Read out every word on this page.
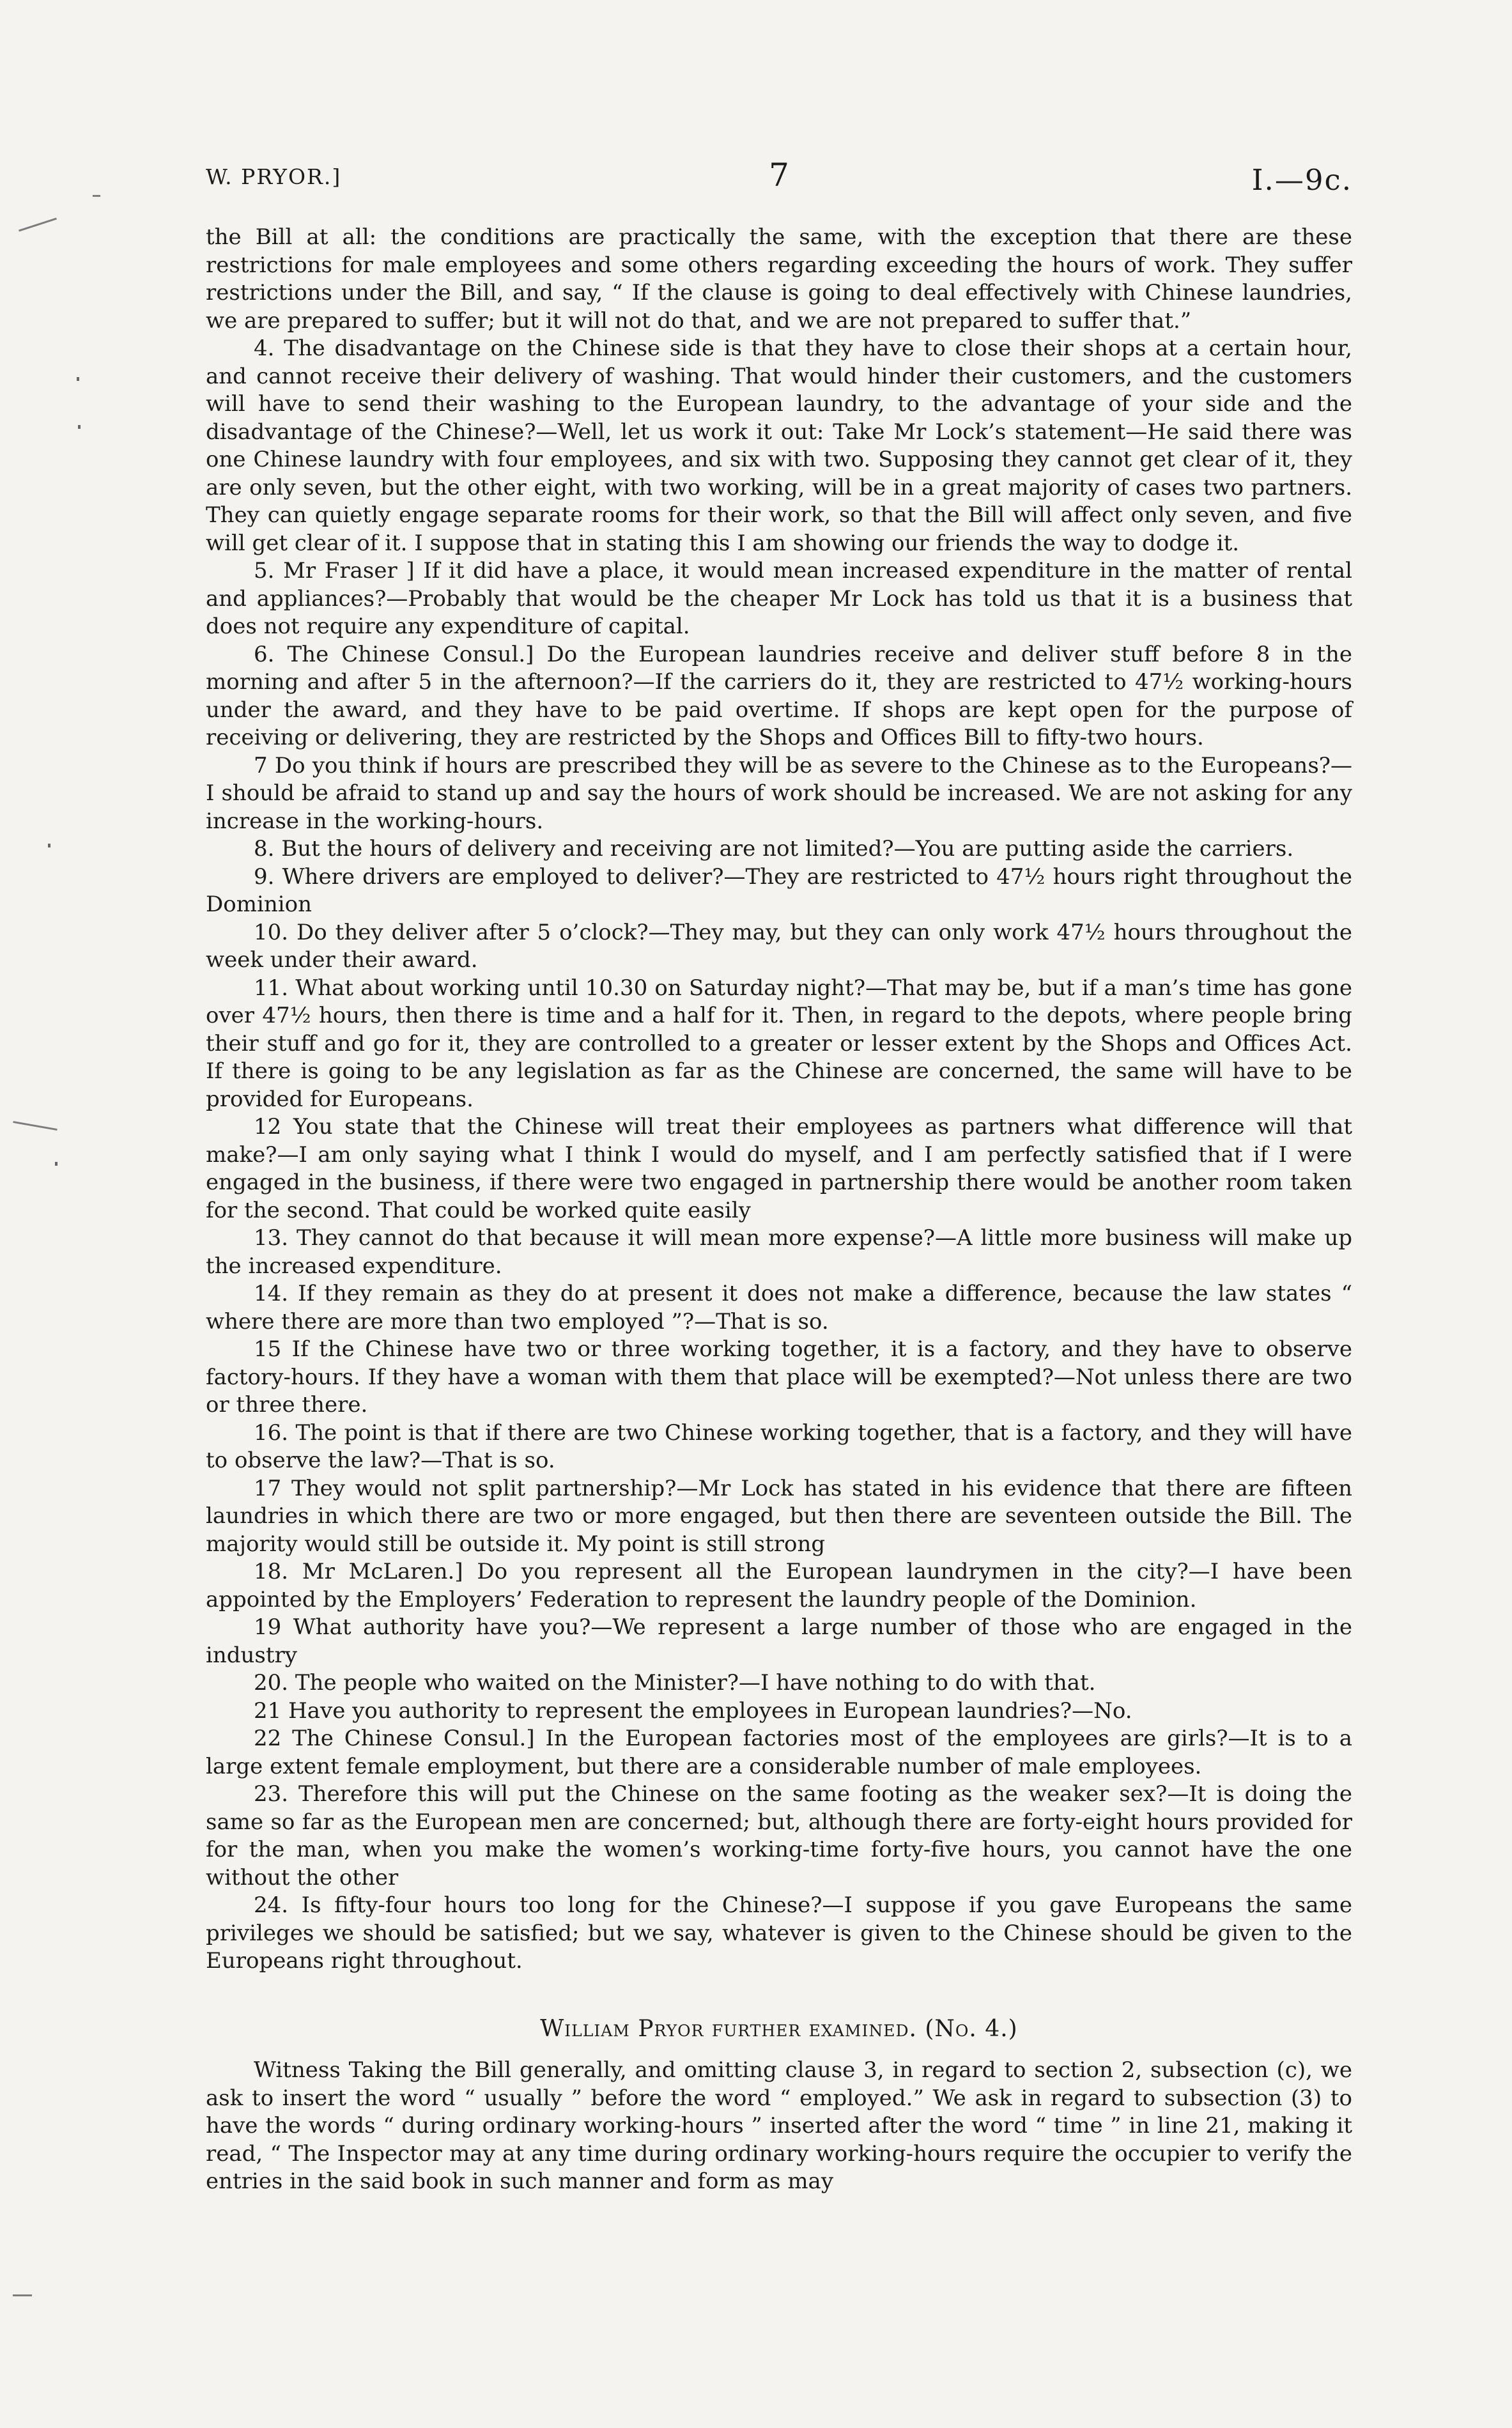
W. PRYOR.]	7	I.—9c.

the Bill at all: the conditions are practically the same, with the exception that there are these restrictions for male employees and some others regarding exceeding the hours of work. They suffer restrictions under the Bill, and say, “ If the clause is going to deal effectively with Chinese laundries, we are prepared to suffer; but it will not do that, and we are not prepared to suffer that.”

4. The disadvantage on the Chinese side is that they have to close their shops at a certain hour, and cannot receive their delivery of washing. That would hinder their customers, and the customers will have to send their washing to the European laundry, to the advantage of your side and the disadvantage of the Chinese?—Well, let us work it out: Take Mr Lock’s statement—He said there was one Chinese laundry with four employees, and six with two. Supposing they cannot get clear of it, they are only seven, but the other eight, with two working, will be in a great majority of cases two partners. They can quietly engage separate rooms for their work, so that the Bill will affect only seven, and five will get clear of it. I suppose that in stating this I am showing our friends the way to dodge it.

5. Mr Fraser ] If it did have a place, it would mean increased expenditure in the matter of rental and appliances?—Probably that would be the cheaper Mr Lock has told us that it is a business that does not require any expenditure of capital.

6. The Chinese Consul.] Do the European laundries receive and deliver stuff before 8 in the morning and after 5 in the afternoon?—If the carriers do it, they are restricted to 47½ working-hours under the award, and they have to be paid overtime. If shops are kept open for the purpose of receiving or delivering, they are restricted by the Shops and Offices Bill to fifty-two hours.

7 Do you think if hours are prescribed they will be as severe to the Chinese as to the Europeans?—I should be afraid to stand up and say the hours of work should be increased. We are not asking for any increase in the working-hours.

8. But the hours of delivery and receiving are not limited?—You are putting aside the carriers.

9. Where drivers are employed to deliver?—They are restricted to 47½ hours right throughout the Dominion

10. Do they deliver after 5 o’clock?—They may, but they can only work 47½ hours throughout the week under their award.

11. What about working until 10.30 on Saturday night?—That may be, but if a man’s time has gone over 47½ hours, then there is time and a half for it. Then, in regard to the depots, where people bring their stuff and go for it, they are controlled to a greater or lesser extent by the Shops and Offices Act. If there is going to be any legislation as far as the Chinese are concerned, the same will have to be provided for Europeans.

12 You state that the Chinese will treat their employees as partners what difference will that make?—I am only saying what I think I would do myself, and I am perfectly satisfied that if I were engaged in the business, if there were two engaged in partnership there would be another room taken for the second. That could be worked quite easily

13. They cannot do that because it will mean more expense?—A little more business will make up the increased expenditure.

14. If they remain as they do at present it does not make a difference, because the law states “ where there are more than two employed ”?—That is so.

15 If the Chinese have two or three working together, it is a factory, and they have to observe factory-hours. If they have a woman with them that place will be exempted?—Not unless there are two or three there.

16. The point is that if there are two Chinese working together, that is a factory, and they will have to observe the law?—That is so.

17 They would not split partnership?—Mr Lock has stated in his evidence that there are fifteen laundries in which there are two or more engaged, but then there are seventeen outside the Bill. The majority would still be outside it. My point is still strong

18. Mr McLaren.] Do you represent all the European laundrymen in the city?—I have been appointed by the Employers’ Federation to represent the laundry people of the Dominion.

19 What authority have you?—We represent a large number of those who are engaged in the industry

20. The people who waited on the Minister?—I have nothing to do with that.

21 Have you authority to represent the employees in European laundries?—No.

22 The Chinese Consul.] In the European factories most of the employees are girls?—It is to a large extent female employment, but there are a considerable number of male employees.

23. Therefore this will put the Chinese on the same footing as the weaker sex?—It is doing the same so far as the European men are concerned; but, although there are forty-eight hours provided for for the man, when you make the women’s working-time forty-five hours, you cannot have the one without the other

24. Is fifty-four hours too long for the Chinese?—I suppose if you gave Europeans the same privileges we should be satisfied; but we say, whatever is given to the Chinese should be given to the Europeans right throughout.

William Pryor further examined. (No. 4.)

Witness Taking the Bill generally, and omitting clause 3, in regard to section 2, subsection (c), we ask to insert the word “ usually ” before the word “ employed.” We ask in regard to subsection (3) to have the words “ during ordinary working-hours ” inserted after the word “ time ” in line 21, making it read, “ The Inspector may at any time during ordinary working-hours require the occupier to verify the entries in the said book in such manner and form as may
